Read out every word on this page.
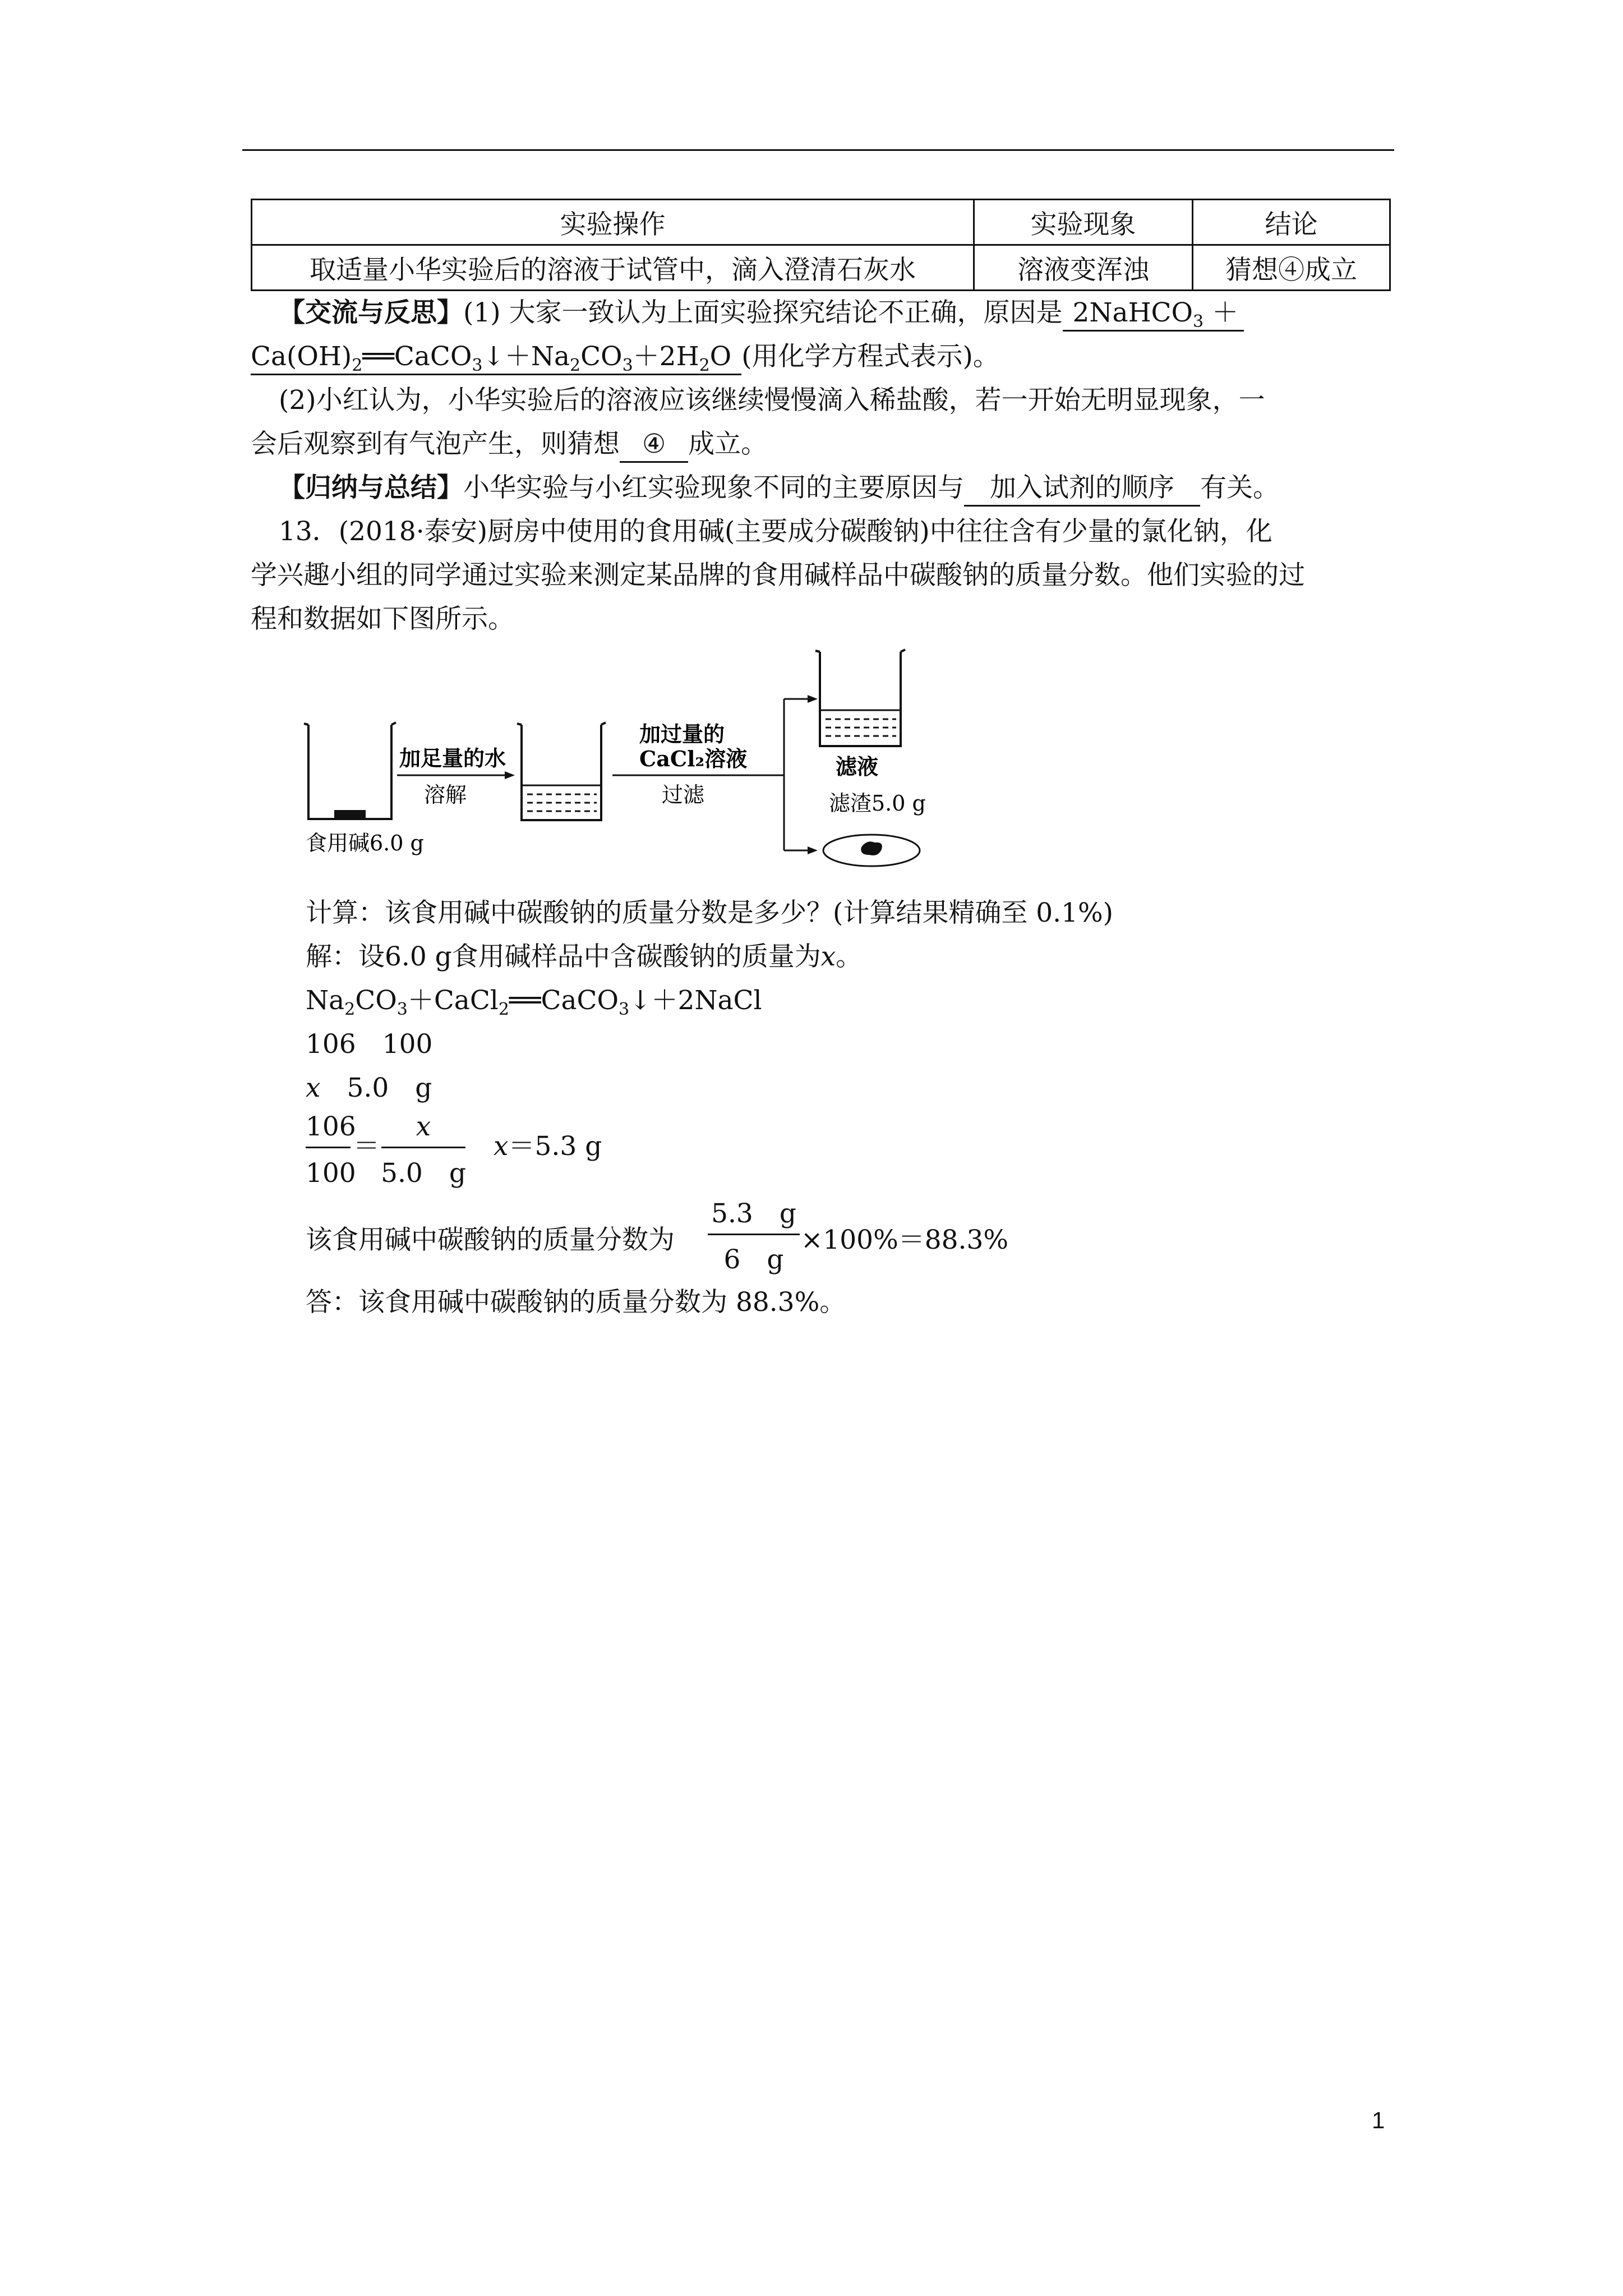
实验操作	实验现象	结论
取适量小华实验后的溶液于试管中，滴入澄清石灰水	溶液变浑浊	猜想④成立
【交流与反思】(1) 大家一致认为上面实验探究结论不正确，原因是 2NaHCO$_3$ ＋
$Ca(OH)_2══CaCO_3↓+Na_2CO_3+2H_2O$ (用化学方程式表示)。
(2)小红认为，小华实验后的溶液应该继续慢慢滴入稀盐酸，若一开始无明显现象，一
会后观察到有气泡产生，则猜想 ④ 成立。
【归纳与总结】小华实验与小红实验现象不同的主要原因与 加入试剂的顺序 有关。
13．(2018·泰安)厨房中使用的食用碱(主要成分碳酸钠)中往往含有少量的氯化钠，化
学兴趣小组的同学通过实验来测定某品牌的食用碱样品中碳酸钠的质量分数。他们实验的过
程和数据如下图所示。
食用碱6.0 g
加足量的水
溶解
加过量的
CaCl₂溶液
过滤
滤液
滤渣5.0 g
计算：该食用碱中碳酸钠的质量分数是多少？(计算结果精确至 0.1%)
解：设6.0 g食用碱样品中含碳酸钠的质量为x。
$Na_2CO_3+CaCl_2══CaCO_3↓+2NaCl$
106　100
x　 5.0　g
106
100
＝
x
5.0　g
x＝5.3 g
该食用碱中碳酸钠的质量分数为
5.3　g
6　g
×100%＝88.3%
答：该食用碱中碳酸钠的质量分数为 88.3%。
1
